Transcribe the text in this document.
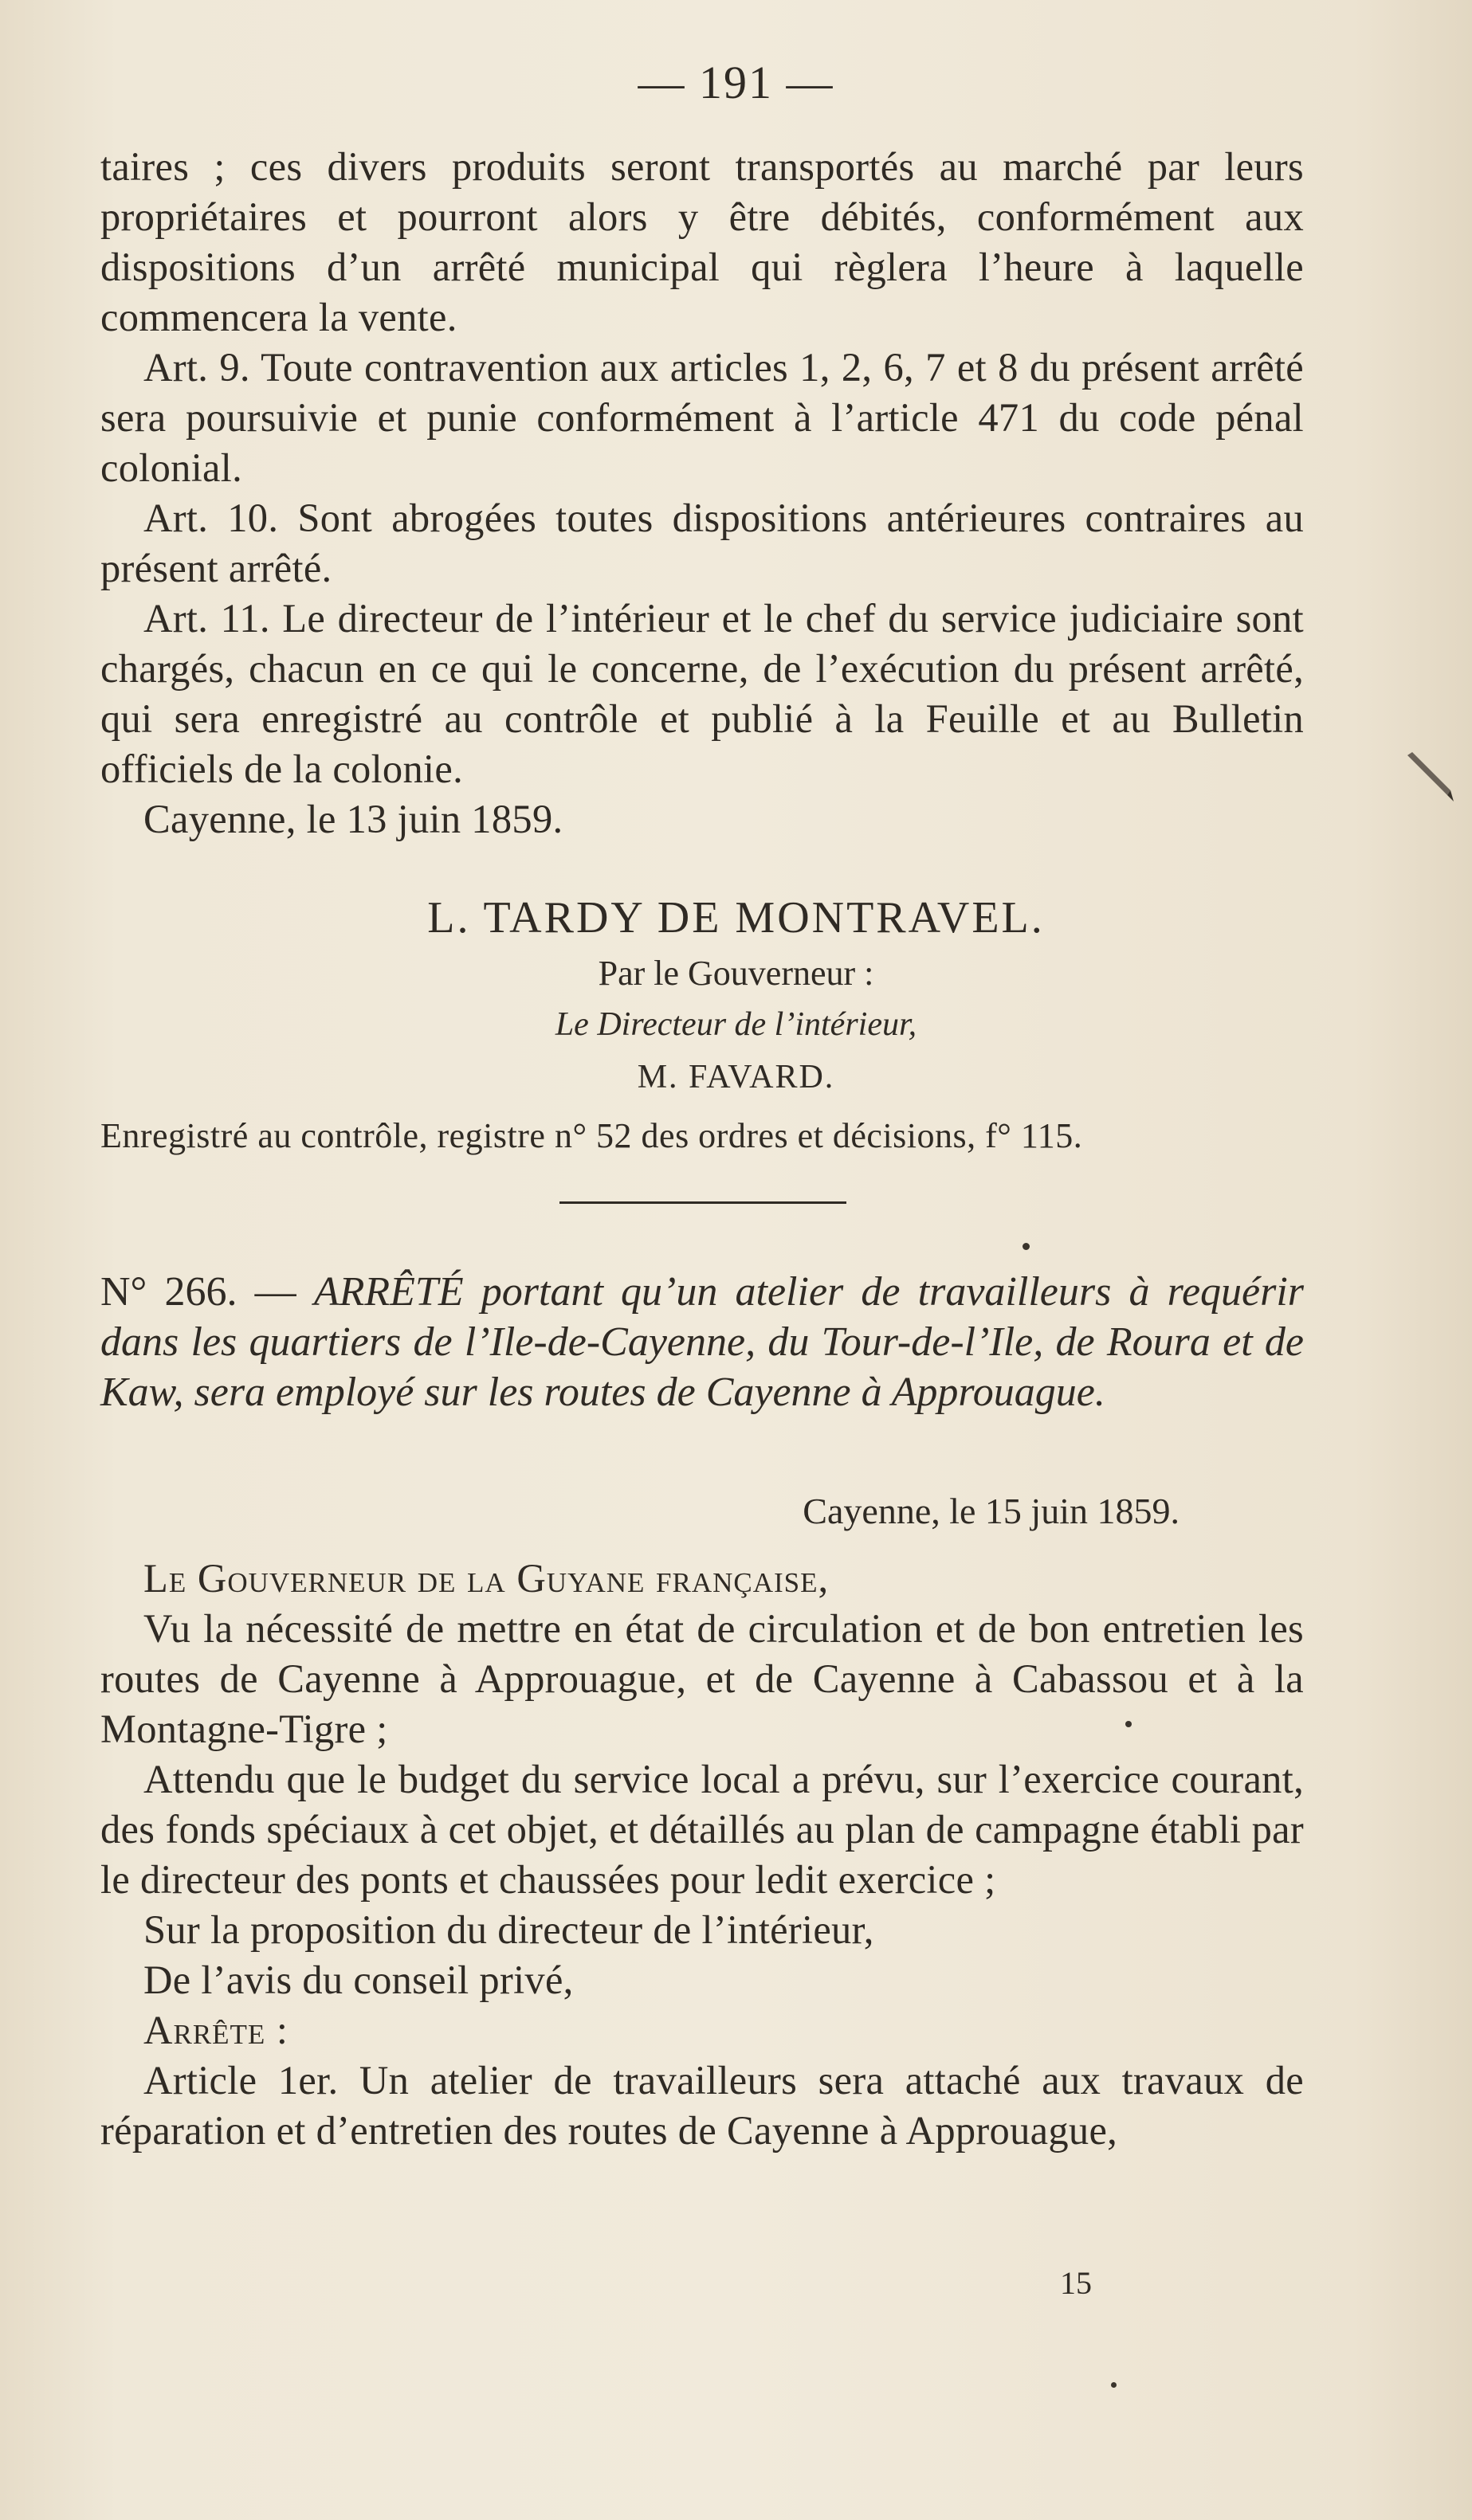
— 191 —

taires ; ces divers produits seront transportés au marché par leurs propriétaires et pourront alors y être débités, conformément aux dispositions d’un arrêté municipal qui règlera l’heure à laquelle commencera la vente.

Art. 9. Toute contravention aux articles 1, 2, 6, 7 et 8 du présent arrêté sera poursuivie et punie conformément à l’article 471 du code pénal colonial.

Art. 10. Sont abrogées toutes dispositions antérieures contraires au présent arrêté.

Art. 11. Le directeur de l’intérieur et le chef du service judiciaire sont chargés, chacun en ce qui le concerne, de l’exécution du présent arrêté, qui sera enregistré au contrôle et publié à la Feuille et au Bulletin officiels de la colonie.

Cayenne, le 13 juin 1859.

L. TARDY DE MONTRAVEL.
Par le Gouverneur :
Le Directeur de l’intérieur,
M. FAVARD.
Enregistré au contrôle, registre n° 52 des ordres et décisions, f° 115.
N° 266. — ARRÊTÉ portant qu’un atelier de travailleurs à requérir dans les quartiers de l’Ile-de-Cayenne, du Tour-de-l’Ile, de Roura et de Kaw, sera employé sur les routes de Cayenne à Approuague.
Cayenne, le 15 juin 1859.

Le Gouverneur de la Guyane française,

Vu la nécessité de mettre en état de circulation et de bon entretien les routes de Cayenne à Approuague, et de Cayenne à Cabassou et à la Montagne-Tigre ;

Attendu que le budget du service local a prévu, sur l’exercice courant, des fonds spéciaux à cet objet, et détaillés au plan de campagne établi par le directeur des ponts et chaussées pour ledit exercice ;

Sur la proposition du directeur de l’intérieur,

De l’avis du conseil privé,

Arrête :

Article 1er. Un atelier de travailleurs sera attaché aux travaux de réparation et d’entretien des routes de Cayenne à Approuague,

15
